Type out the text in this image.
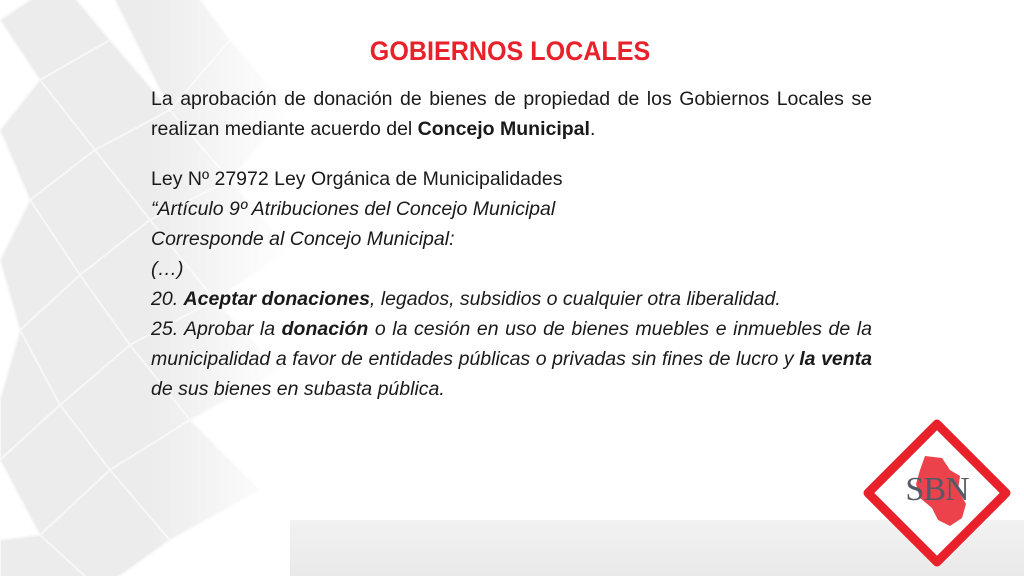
GOBIERNOS LOCALES

La aprobación de donación de bienes de propiedad de los Gobiernos Locales se realizan mediante acuerdo del Concejo Municipal.

Ley Nº 27972 Ley Orgánica de Municipalidades

“Artículo 9º Atribuciones del Concejo Municipal

Corresponde al Concejo Municipal:

(…)

20. Aceptar donaciones, legados, subsidios o cualquier otra liberalidad.

25. Aprobar la donación o la cesión en uso de bienes muebles e inmuebles de la municipalidad a favor de entidades públicas o privadas sin fines de lucro y la venta de sus bienes en subasta pública.

SBN
